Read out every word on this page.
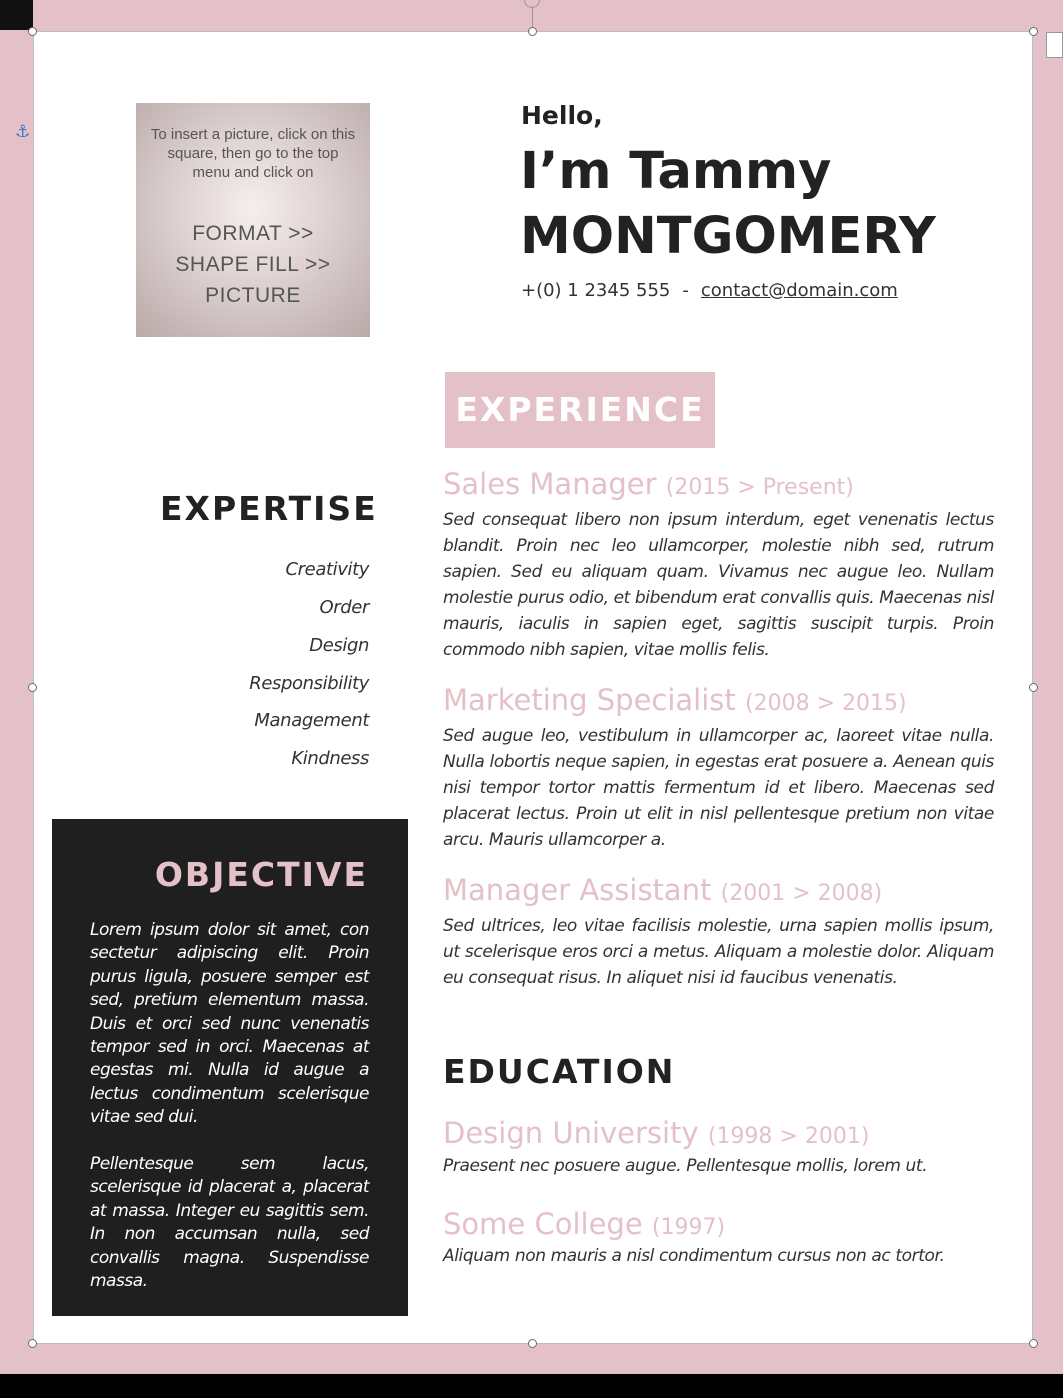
⚓	To insert a picture, click on this square, then go to the top menu and click on
FORMAT >>
SHAPE FILL >>
PICTURE
Hello,
I’m Tammy
MONTGOMERY
+(0) 1 2345 555 - contact@domain.com
EXPERIENCE
Sales Manager (2015 > Present)
Sed consequat libero non ipsum interdum, eget venenatis lectus blandit. Proin nec leo ullamcorper, molestie nibh sed, rutrum sapien. Sed eu aliquam quam. Vivamus nec augue leo. Nullam molestie purus odio, et bibendum erat convallis quis. Maecenas nisl mauris, iaculis in sapien eget, sagittis suscipit turpis. Proin commodo nibh sapien, vitae mollis felis.
Marketing Specialist (2008 > 2015)
Sed augue leo, vestibulum in ullamcorper ac, laoreet vitae nulla. Nulla lobortis neque sapien, in egestas erat posuere a. Aenean quis nisi tempor tortor mattis fermentum id et libero. Maecenas sed placerat lectus. Proin ut elit in nisl pellentesque pretium non vitae arcu. Mauris ullamcorper a.
Manager Assistant (2001 > 2008)
Sed ultrices, leo vitae facilisis molestie, urna sapien mollis ipsum, ut scelerisque eros orci a metus. Aliquam a molestie dolor. Aliquam eu consequat risus. In aliquet nisi id faucibus venenatis.
EDUCATION
Design University (1998 > 2001)
Praesent nec posuere augue. Pellentesque mollis, lorem ut.
Some College (1997)
Aliquam non mauris a nisl condimentum cursus non ac tortor.
EXPERTISE
Creativity
Order
Design
Responsibility
Management
Kindness
OBJECTIVE
Lorem ipsum dolor sit amet, con sectetur adipiscing elit. Proin purus ligula, posuere semper est sed, pretium elementum massa. Duis et orci sed nunc venenatis tempor sed in orci. Maecenas at egestas mi. Nulla id augue a lectus condimentum scelerisque vitae sed dui.
Pellentesque sem lacus, scelerisque id placerat a, placerat at massa. Integer eu sagittis sem. In non accumsan nulla, sed convallis magna. Suspendisse massa.
